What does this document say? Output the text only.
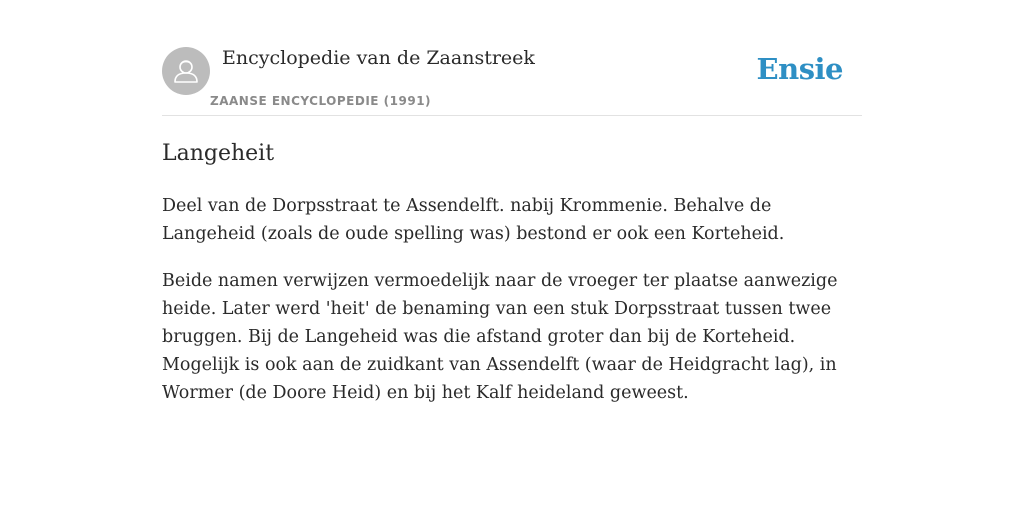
Encyclopedie van de Zaanstreek
ZAANSE ENCYCLOPEDIE (1991)
Ensie
Langeheit

Deel van de Dorpsstraat te Assendelft. nabij Krommenie. Behalve de Langeheid (zoals de oude spelling was) bestond er ook een Korteheid.

Beide namen verwijzen vermoedelijk naar de vroeger ter plaatse aanwezige heide. Later werd 'heit' de benaming van een stuk Dorpsstraat tussen twee bruggen. Bij de Langeheid was die afstand groter dan bij de Korteheid. Mogelijk is ook aan de zuidkant van Assendelft (waar de Heidgracht lag), in Wormer (de Doore Heid) en bij het Kalf heideland geweest.
